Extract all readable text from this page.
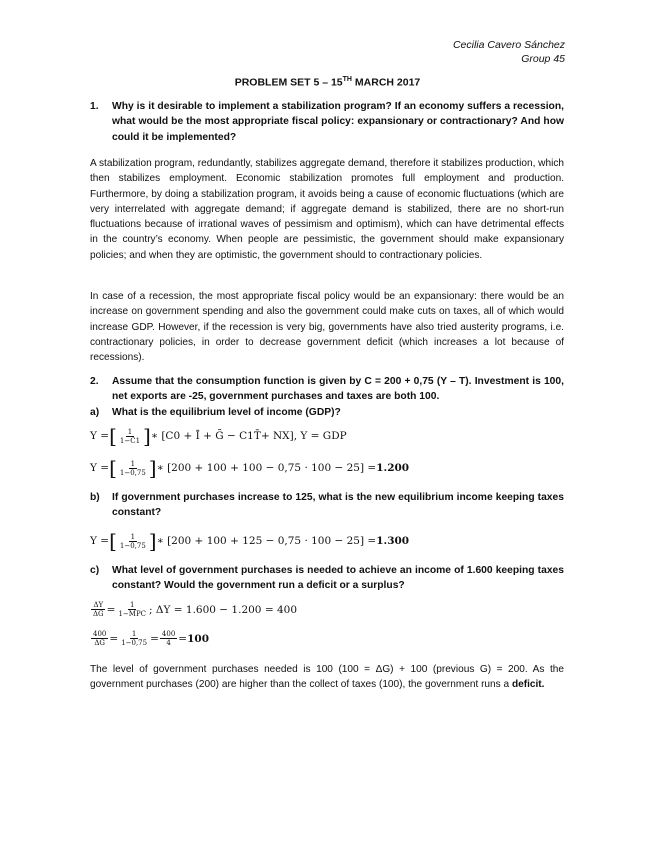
Cecilia Cavero Sánchez
Group 45
PROBLEM SET 5 – 15TH MARCH 2017
1. Why is it desirable to implement a stabilization program? If an economy suffers a recession, what would be the most appropriate fiscal policy: expansionary or contractionary? And how could it be implemented?

A stabilization program, redundantly, stabilizes aggregate demand, therefore it stabilizes production, which then stabilizes employment. Economic stabilization promotes full employment and production. Furthermore, by doing a stabilization program, it avoids being a cause of economic fluctuations (which are very interrelated with aggregate demand; if aggregate demand is stabilized, there are no short-run fluctuations because of irrational waves of pessimism and optimism), which can have detrimental effects in the country’s economy. When people are pessimistic, the government should make expansionary policies; and when they are optimistic, the government should to contractionary policies.

In case of a recession, the most appropriate fiscal policy would be an expansionary: there would be an increase on government spending and also the government could make cuts on taxes, all of which would increase GDP. However, if the recession is very big, governments have also tried austerity programs, i.e. contractionary policies, in order to decrease government deficit (which increases a lot because of recessions).

2. Assume that the consumption function is given by C = 200 + 0,75 (Y – T). Investment is 100, net exports are -25, government purchases and taxes are both 100.
a) What is the equilibrium level of income (GDP)?
Y = [ $\frac{1}{1-C1}$ ] ∗ [C0 + Ī + Ḡ − C1 T̄ + NX], Y = GDP
Y = [ $\frac{1}{1-0,75}$ ] ∗ [200 + 100 + 100 − 0,75 · 100 − 25] = 1.200
b) If government purchases increase to 125, what is the new equilibrium income keeping taxes constant?
Y = [ $\frac{1}{1-0,75}$ ] ∗ [200 + 100 + 125 − 0,75 · 100 − 25] = 1.300
c) What level of government purchases is needed to achieve an income of 1.600 keeping taxes constant? Would the government run a deficit or a surplus?
$\frac{\Delta Y}{\Delta G} = \frac{1}{\text{1−MPC}}$ ; ΔY = 1.600 − 1.200 = 400
$\frac{400}{\Delta G} = \frac{1}{1-0,75} = \frac{400}{4} = 100$

The level of government purchases needed is 100 (100 = ΔG) + 100 (previous G) = 200. As the government purchases (200) are higher than the collect of taxes (100), the government runs a deficit.
